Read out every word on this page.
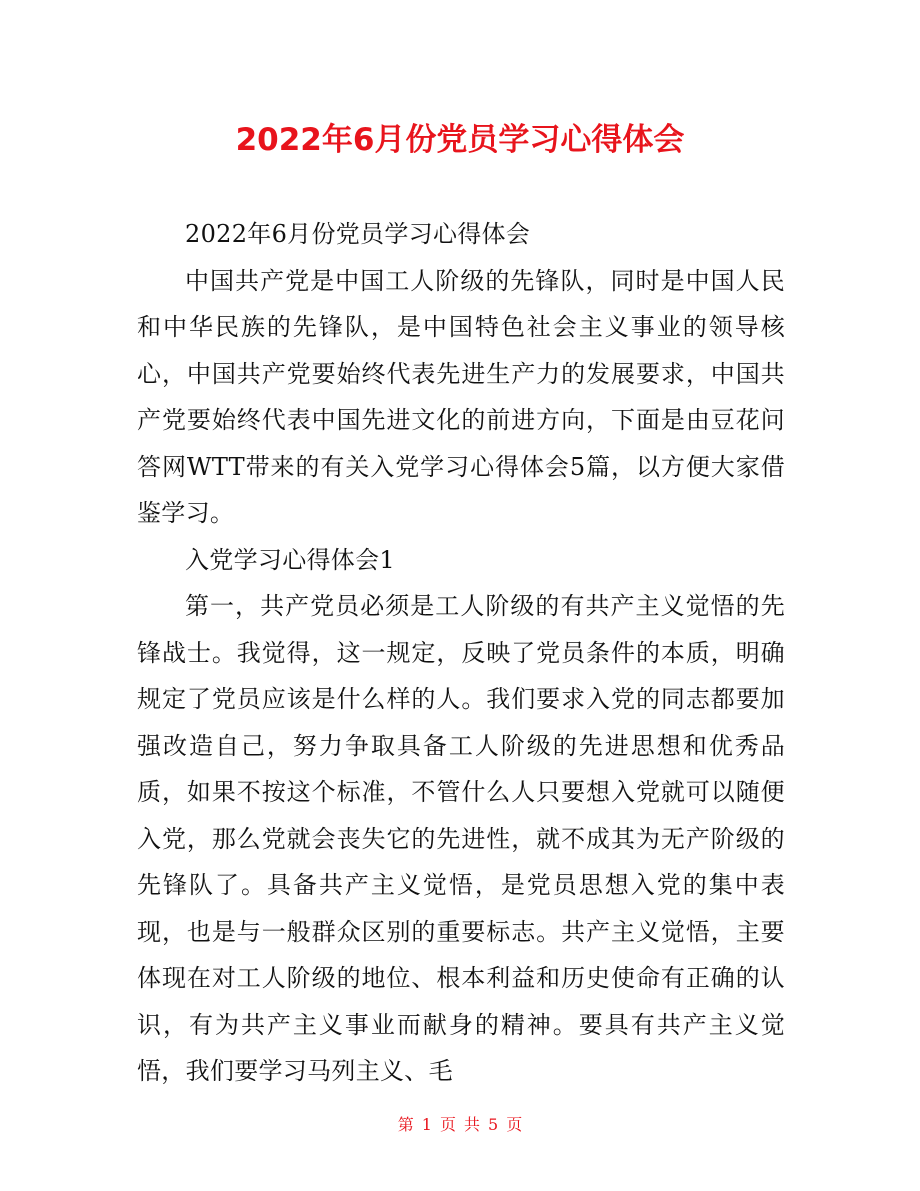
2022年6月份党员学习心得体会

2022年6月份党员学习心得体会

中国共产党是中国工人阶级的先锋队，同时是中国人民和中华民族的先锋队，是中国特色社会主义事业的领导核心，中国共产党要始终代表先进生产力的发展要求，中国共产党要始终代表中国先进文化的前进方向，下面是由豆花问答网WTT带来的有关入党学习心得体会5篇，以方便大家借鉴学习。

入党学习心得体会1

第一，共产党员必须是工人阶级的有共产主义觉悟的先锋战士。我觉得，这一规定，反映了党员条件的本质，明确规定了党员应该是什么样的人。我们要求入党的同志都要加强改造自己，努力争取具备工人阶级的先进思想和优秀品质，如果不按这个标准，不管什么人只要想入党就可以随便入党，那么党就会丧失它的先进性，就不成其为无产阶级的先锋队了。具备共产主义觉悟，是党员思想入党的集中表现，也是与一般群众区别的重要标志。共产主义觉悟，主要体现在对工人阶级的地位、根本利益和历史使命有正确的认识，有为共产主义事业而献身的精神。要具有共产主义觉悟，我们要学习马列主义、毛

第 1 页 共 5 页
